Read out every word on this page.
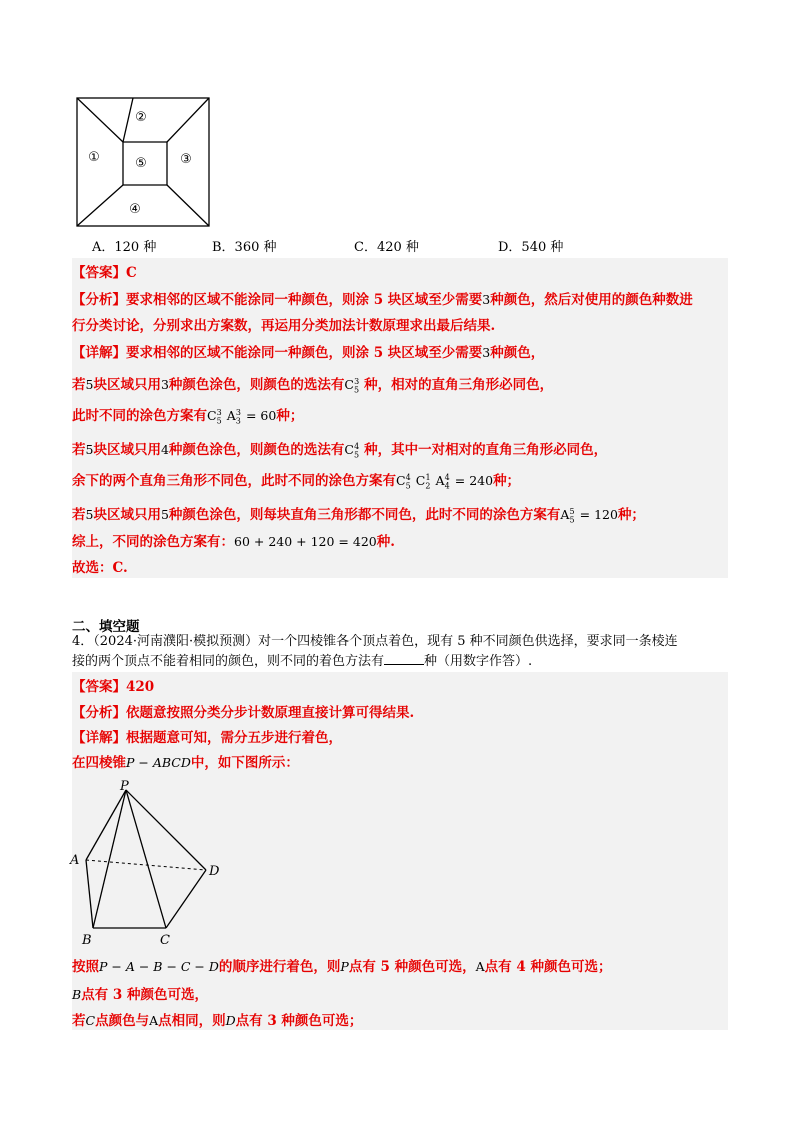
②
①	⑤	③
④
A．120 种	B．360 种	C．420 种	D．540 种
【答案】C
【分析】要求相邻的区域不能涂同一种颜色，则涂 5 块区域至少需要3种颜色，然后对使用的颜色种数进
行分类讨论，分别求出方案数，再运用分类加法计数原理求出最后结果.
【详解】要求相邻的区域不能涂同一种颜色，则涂 5 块区域至少需要3种颜色，
若5块区域只用3种颜色涂色，则颜色的选法有$C_5^3$ 种，相对的直角三角形必同色，
此时不同的涂色方案有$C_5^3$ $A_3^3 = 60$种；
若5块区域只用4种颜色涂色，则颜色的选法有$C_5^4$ 种，其中一对相对的直角三角形必同色，
余下的两个直角三角形不同色，此时不同的涂色方案有$C_5^4$ $C_2^1$ $A_4^4 = 240$种；
若5块区域只用5种颜色涂色，则每块直角三角形都不同色，此时不同的涂色方案有$A_5^5 = 120$种；
综上，不同的涂色方案有：60 + 240 + 120 = 420种.
故选：C.
二、填空题
4．（2024·河南濮阳·模拟预测）对一个四棱锥各个顶点着色，现有 5 种不同颜色供选择，要求同一条棱连
接的两个顶点不能着相同的颜色，则不同的着色方法有	种（用数字作答）.
【答案】420
【分析】依题意按照分类分步计数原理直接计算可得结果.
【详解】根据题意可知，需分五步进行着色，
在四棱锥P − ABCD中，如下图所示：
P
A
D
B	C
按照P − A − B − C − D的顺序进行着色，则P点有 5 种颜色可选，A点有 4 种颜色可选；
B点有 3 种颜色可选，
若C点颜色与A点相同，则D点有 3 种颜色可选；
